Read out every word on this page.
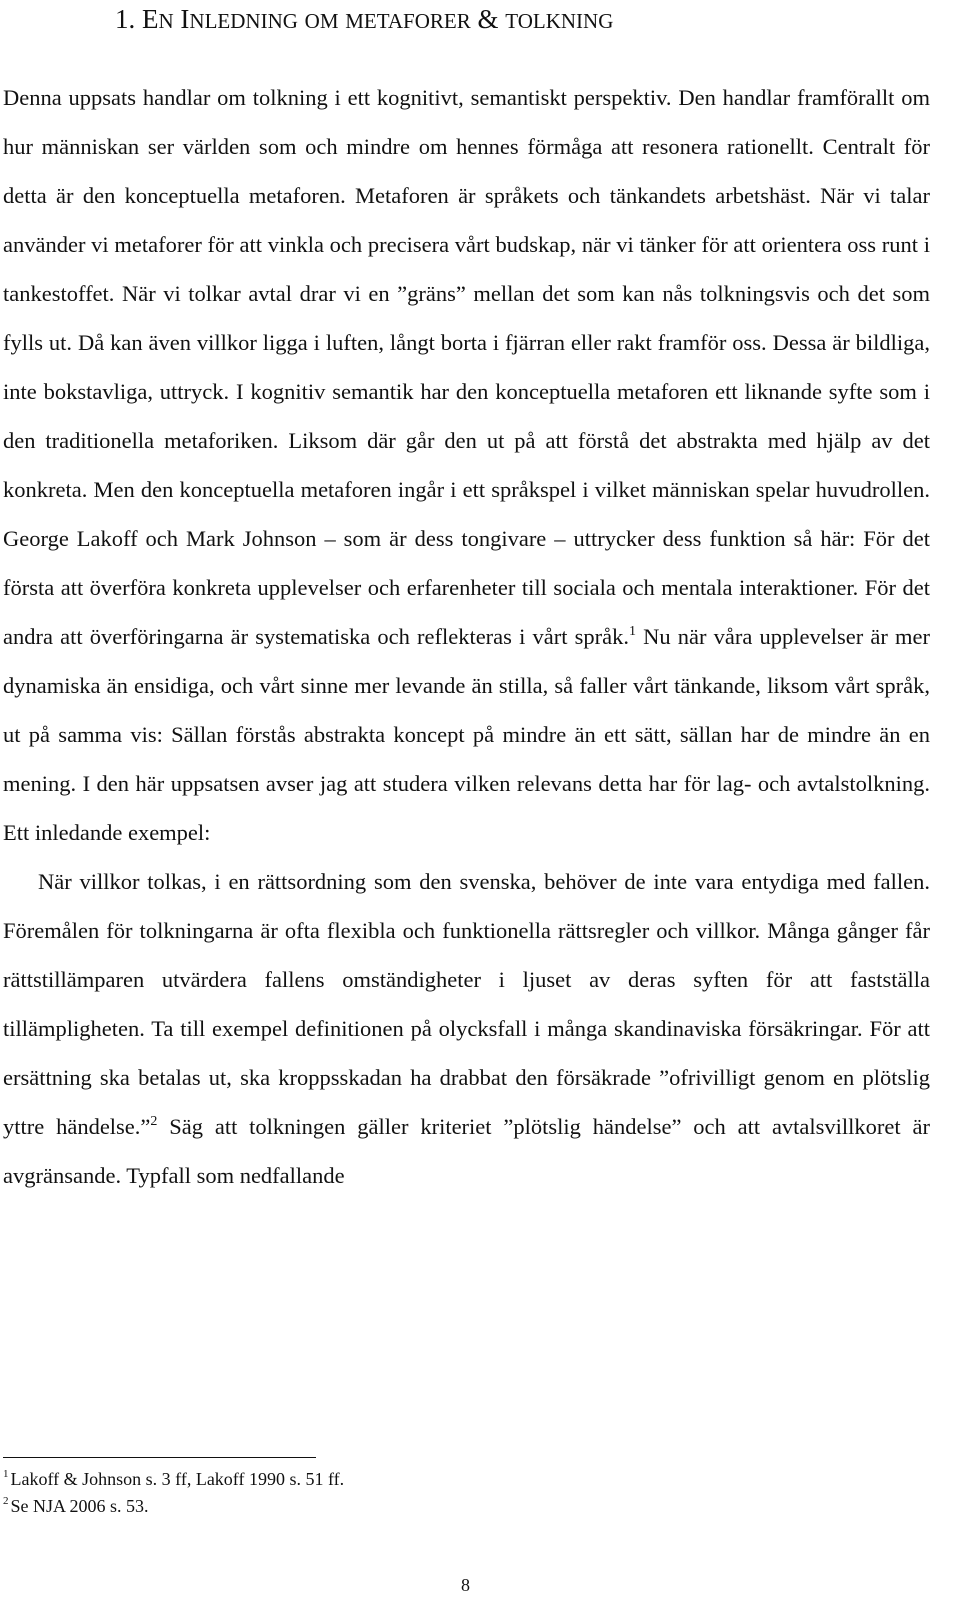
1. EN INLEDNING OM METAFORER & TOLKNING

Denna uppsats handlar om tolkning i ett kognitivt, semantiskt perspektiv. Den handlar framförallt om hur människan ser världen som och mindre om hennes förmåga att resonera rationellt. Centralt för detta är den konceptuella metaforen. Metaforen är språkets och tänkandets arbetshäst. När vi talar använder vi metaforer för att vinkla och precisera vårt budskap, när vi tänker för att orientera oss runt i tankestoffet. När vi tolkar avtal drar vi en ”gräns” mellan det som kan nås tolkningsvis och det som fylls ut. Då kan även villkor ligga i luften, långt borta i fjärran eller rakt framför oss. Dessa är bildliga, inte bokstavliga, uttryck. I kognitiv semantik har den konceptuella metaforen ett liknande syfte som i den traditionella metaforiken. Liksom där går den ut på att förstå det abstrakta med hjälp av det konkreta. Men den konceptuella metaforen ingår i ett språkspel i vilket människan spelar huvudrollen. George Lakoff och Mark Johnson – som är dess tongivare – uttrycker dess funktion så här: För det första att överföra konkreta upplevelser och erfarenheter till sociala och mentala interaktioner. För det andra att överföringarna är systematiska och reflekteras i vårt språk.$^1$ Nu när våra upplevelser är mer dynamiska än ensidiga, och vårt sinne mer levande än stilla, så faller vårt tänkande, liksom vårt språk, ut på samma vis: Sällan förstås abstrakta koncept på mindre än ett sätt, sällan har de mindre än en mening. I den här uppsatsen avser jag att studera vilken relevans detta har för lag- och avtalstolkning. Ett inledande exempel:

När villkor tolkas, i en rättsordning som den svenska, behöver de inte vara entydiga med fallen. Föremålen för tolkningarna är ofta flexibla och funktionella rättsregler och villkor. Många gånger får rättstillämparen utvärdera fallens omständigheter i ljuset av deras syften för att fastställa tillämpligheten. Ta till exempel definitionen på olycksfall i många skandinaviska försäkringar. För att ersättning ska betalas ut, ska kroppsskadan ha drabbat den försäkrade ”ofrivilligt genom en plötslig yttre händelse.”$^2$ Säg att tolkningen gäller kriteriet ”plötslig händelse” och att avtalsvillkoret är avgränsande. Typfall som nedfallande

$^1$ Lakoff & Johnson s. 3 ff, Lakoff 1990 s. 51 ff.
$^2$ Se NJA 2006 s. 53.
8
